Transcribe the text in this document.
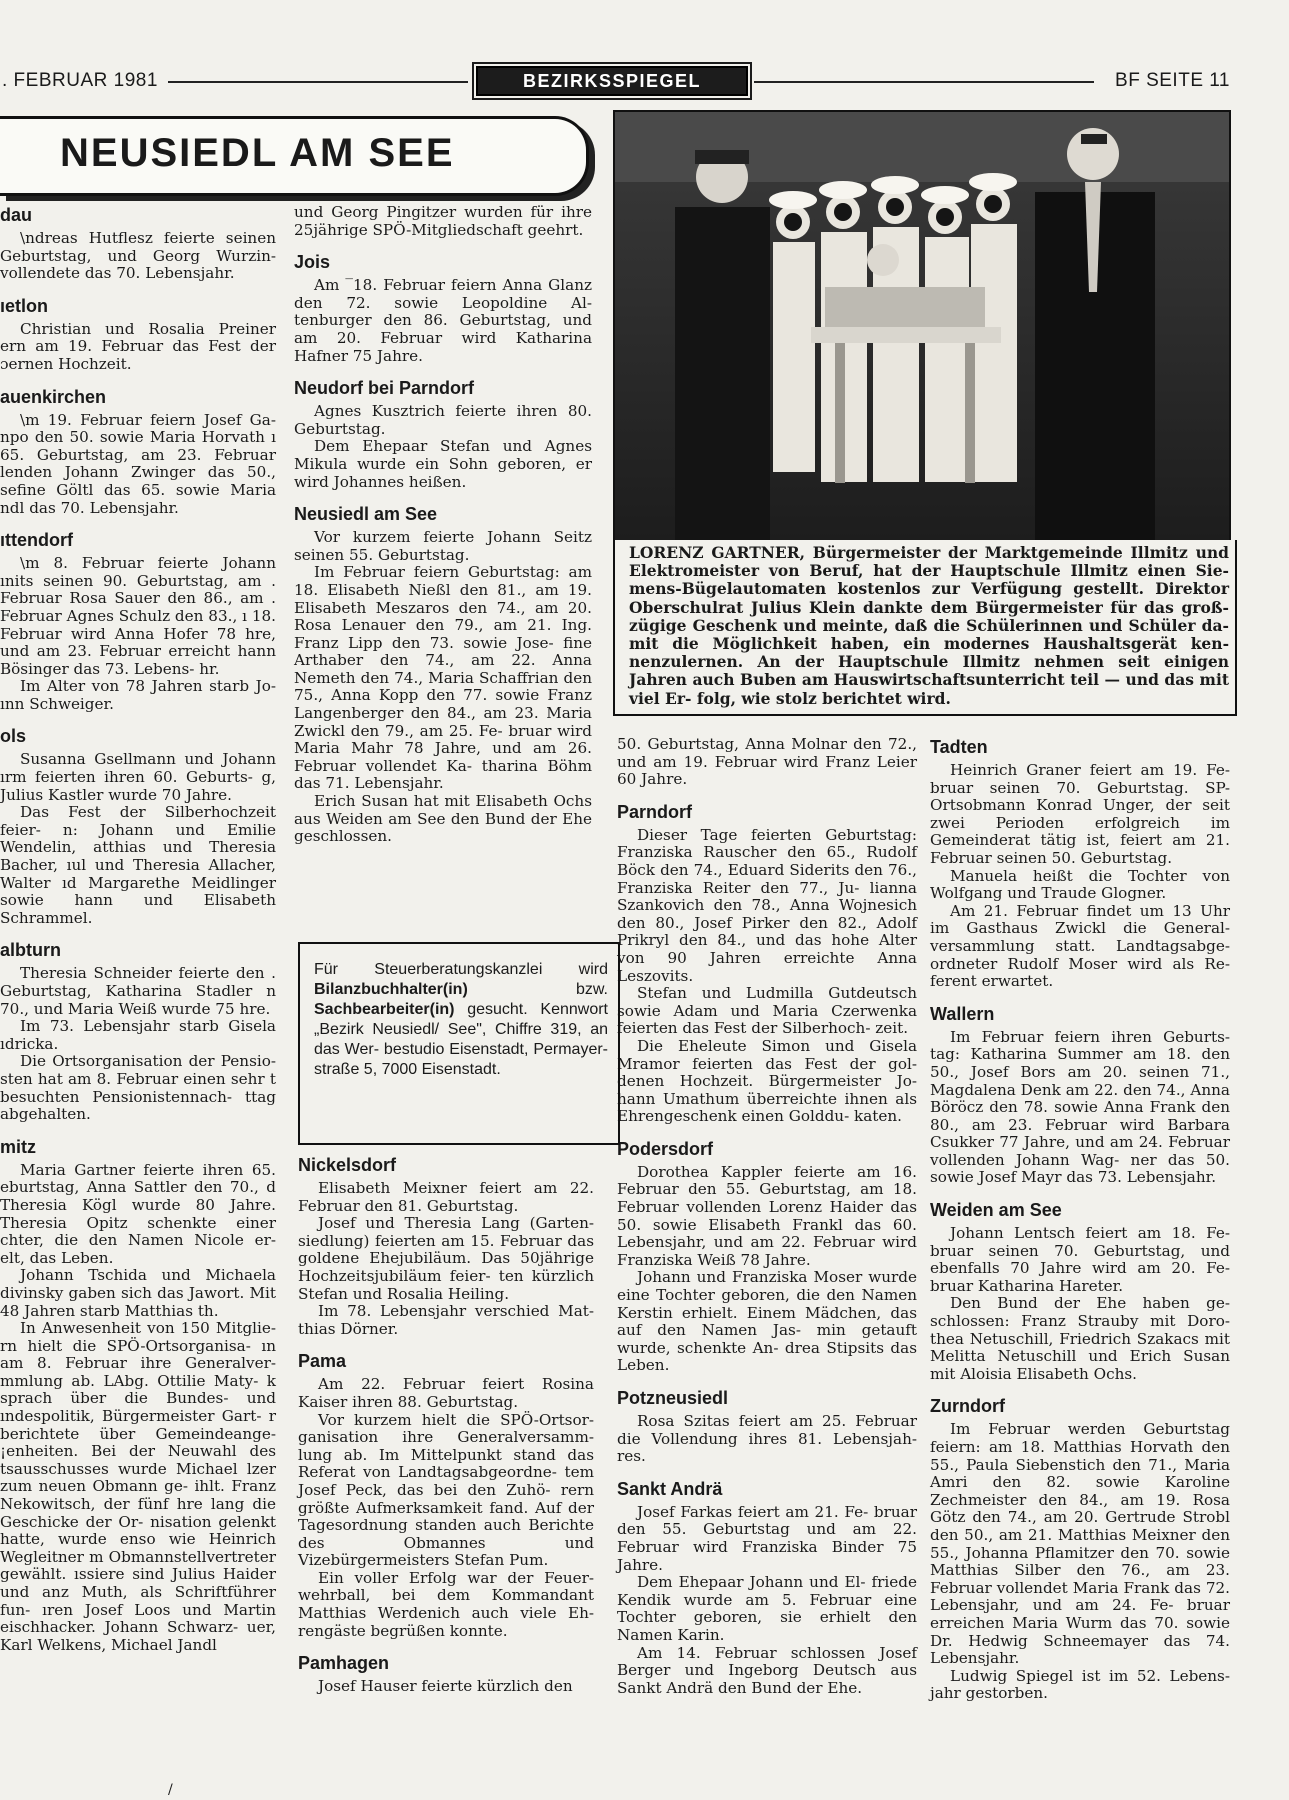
. FEBRUAR 1981	BEZIRKSSPIEGEL	BF SEITE 11
NEUSIEDL AM SEE
dau

\ndreas Hutflesz feierte seinen Geburtstag, und Georg Wurzin- vollendete das 70. Lebensjahr.

ıetlon

Christian und Rosalia Preiner ern am 19. Februar das Fest der ɔernen Hochzeit.

auenkirchen

\m 19. Februar feiern Josef Ga- npo den 50. sowie Maria Horvath ı 65. Geburtstag, am 23. Februar lenden Johann Zwinger das 50., sefine Göltl das 65. sowie Maria ndl das 70. Lebensjahr.

ıttendorf

\m 8. Februar feierte Johann ınits seinen 90. Geburtstag, am . Februar Rosa Sauer den 86., am . Februar Agnes Schulz den 83., ı 18. Februar wird Anna Hofer 78 hre, und am 23. Februar erreicht hann Bösinger das 73. Lebens- hr.

Im Alter von 78 Jahren starb Jo- ınn Schweiger.

ols

Susanna Gsellmann und Johann ırm feierten ihren 60. Geburts- g, Julius Kastler wurde 70 Jahre.

Das Fest der Silberhochzeit feier- n: Johann und Emilie Wendelin, atthias und Theresia Bacher, ıul und Theresia Allacher, Walter ıd Margarethe Meidlinger sowie hann und Elisabeth Schrammel.

albturn

Theresia Schneider feierte den . Geburtstag, Katharina Stadler n 70., und Maria Weiß wurde 75 hre.

Im 73. Lebensjahr starb Gisela ıdricka.

Die Ortsorganisation der Pensio- sten hat am 8. Februar einen sehr t besuchten Pensionistennach- ttag abgehalten.

mitz

Maria Gartner feierte ihren 65. eburtstag, Anna Sattler den 70., d Theresia Kögl wurde 80 Jahre. Theresia Opitz schenkte einer chter, die den Namen Nicole er- elt, das Leben.

Johann Tschida und Michaela divinsky gaben sich das Jawort. Mit 48 Jahren starb Matthias th.

In Anwesenheit von 150 Mitglie- rn hielt die SPÖ-Ortsorganisa- ın am 8. Februar ihre Generalver- mmlung ab. LAbg. Ottilie Maty- k sprach über die Bundes- und ındespolitik, Bürgermeister Gart- r berichtete über Gemeindeange- ¡enheiten. Bei der Neuwahl des tsausschusses wurde Michael lzer zum neuen Obmann ge- ihlt. Franz Nekowitsch, der fünf hre lang die Geschicke der Or- nisation gelenkt hatte, wurde enso wie Heinrich Wegleitner m Obmannstellvertreter gewählt. ıssiere sind Julius Haider und anz Muth, als Schriftführer fun- ıren Josef Loos und Martin eischhacker. Johann Schwarz- uer, Karl Welkens, Michael Jandl

und Georg Pingitzer wurden für ihre 25jährige SPÖ-Mitgliedschaft geehrt.

Jois

Am ‾18. Februar feiern Anna Glanz den 72. sowie Leopoldine Al- tenburger den 86. Geburtstag, und am 20. Februar wird Katharina Hafner 75 Jahre.

Neudorf bei Parndorf

Agnes Kusztrich feierte ihren 80. Geburtstag.

Dem Ehepaar Stefan und Agnes Mikula wurde ein Sohn geboren, er wird Johannes heißen.

Neusiedl am See

Vor kurzem feierte Johann Seitz seinen 55. Geburtstag.

Im Februar feiern Geburtstag: am 18. Elisabeth Nießl den 81., am 19. Elisabeth Meszaros den 74., am 20. Rosa Lenauer den 79., am 21. Ing. Franz Lipp den 73. sowie Jose- fine Arthaber den 74., am 22. Anna Nemeth den 74., Maria Schaffrian den 75., Anna Kopp den 77. sowie Franz Langenberger den 84., am 23. Maria Zwickl den 79., am 25. Fe- bruar wird Maria Mahr 78 Jahre, und am 26. Februar vollendet Ka- tharina Böhm das 71. Lebensjahr.

Erich Susan hat mit Elisabeth Ochs aus Weiden am See den Bund der Ehe geschlossen.

Nickelsdorf

Elisabeth Meixner feiert am 22. Februar den 81. Geburtstag.

Josef und Theresia Lang (Garten- siedlung) feierten am 15. Februar das goldene Ehejubiläum. Das 50jährige Hochzeitsjubiläum feier- ten kürzlich Stefan und Rosalia Heiling.

Im 78. Lebensjahr verschied Mat- thias Dörner.

Pama

Am 22. Februar feiert Rosina Kaiser ihren 88. Geburtstag.

Vor kurzem hielt die SPÖ-Ortsor- ganisation ihre Generalversamm- lung ab. Im Mittelpunkt stand das Referat von Landtagsabgeordne- tem Josef Peck, das bei den Zuhö- rern größte Aufmerksamkeit fand. Auf der Tagesordnung standen auch Berichte des Obmannes und Vizebürgermeisters Stefan Pum.

Ein voller Erfolg war der Feuer- wehrball, bei dem Kommandant Matthias Werdenich auch viele Eh- rengäste begrüßen konnte.

Pamhagen

Josef Hauser feierte kürzlich den

50. Geburtstag, Anna Molnar den 72., und am 19. Februar wird Franz Leier 60 Jahre.

Parndorf

Dieser Tage feierten Geburtstag: Franziska Rauscher den 65., Rudolf Böck den 74., Eduard Siderits den 76., Franziska Reiter den 77., Ju- lianna Szankovich den 78., Anna Wojnesich den 80., Josef Pirker den 82., Adolf Prikryl den 84., und das hohe Alter von 90 Jahren erreichte Anna Leszovits.

Stefan und Ludmilla Gutdeutsch sowie Adam und Maria Czerwenka feierten das Fest der Silberhoch- zeit.

Die Eheleute Simon und Gisela Mramor feierten das Fest der gol- denen Hochzeit. Bürgermeister Jo- hann Umathum überreichte ihnen als Ehrengeschenk einen Golddu- katen.

Podersdorf

Dorothea Kappler feierte am 16. Februar den 55. Geburtstag, am 18. Februar vollenden Lorenz Haider das 50. sowie Elisabeth Frankl das 60. Lebensjahr, und am 22. Februar wird Franziska Weiß 78 Jahre.

Johann und Franziska Moser wurde eine Tochter geboren, die den Namen Kerstin erhielt. Einem Mädchen, das auf den Namen Jas- min getauft wurde, schenkte An- drea Stipsits das Leben.

Potzneusiedl

Rosa Szitas feiert am 25. Februar die Vollendung ihres 81. Lebensjah- res.

Sankt Andrä

Josef Farkas feiert am 21. Fe- bruar den 55. Geburtstag und am 22. Februar wird Franziska Binder 75 Jahre.

Dem Ehepaar Johann und El- friede Kendik wurde am 5. Februar eine Tochter geboren, sie erhielt den Namen Karin.

Am 14. Februar schlossen Josef Berger und Ingeborg Deutsch aus Sankt Andrä den Bund der Ehe.

Tadten

Heinrich Graner feiert am 19. Fe- bruar seinen 70. Geburtstag. SP- Ortsobmann Konrad Unger, der seit zwei Perioden erfolgreich im Gemeinderat tätig ist, feiert am 21. Februar seinen 50. Geburtstag.

Manuela heißt die Tochter von Wolfgang und Traude Glogner.

Am 21. Februar findet um 13 Uhr im Gasthaus Zwickl die General- versammlung statt. Landtagsabge- ordneter Rudolf Moser wird als Re- ferent erwartet.

Wallern

Im Februar feiern ihren Geburts- tag: Katharina Summer am 18. den 50., Josef Bors am 20. seinen 71., Magdalena Denk am 22. den 74., Anna Böröcz den 78. sowie Anna Frank den 80., am 23. Februar wird Barbara Csukker 77 Jahre, und am 24. Februar vollenden Johann Wag- ner das 50. sowie Josef Mayr das 73. Lebensjahr.

Weiden am See

Johann Lentsch feiert am 18. Fe- bruar seinen 70. Geburtstag, und ebenfalls 70 Jahre wird am 20. Fe- bruar Katharina Hareter.

Den Bund der Ehe haben ge- schlossen: Franz Strauby mit Doro- thea Netuschill, Friedrich Szakacs mit Melitta Netuschill und Erich Susan mit Aloisia Elisabeth Ochs.

Zurndorf

Im Februar werden Geburtstag feiern: am 18. Matthias Horvath den 55., Paula Siebenstich den 71., Maria Amri den 82. sowie Karoline Zechmeister den 84., am 19. Rosa Götz den 74., am 20. Gertrude Strobl den 50., am 21. Matthias Meixner den 55., Johanna Pflamitzer den 70. sowie Matthias Silber den 76., am 23. Februar vollendet Maria Frank das 72. Lebensjahr, und am 24. Fe- bruar erreichen Maria Wurm das 70. sowie Dr. Hedwig Schneemayer das 74. Lebensjahr.

Ludwig Spiegel ist im 52. Lebens- jahr gestorben.

LORENZ GARTNER, Bürgermeister der Marktgemeinde Illmitz und Elektromeister von Beruf, hat der Hauptschule Illmitz einen Sie- mens-Bügelautomaten kostenlos zur Verfügung gestellt. Direktor Oberschulrat Julius Klein dankte dem Bürgermeister für das groß- zügige Geschenk und meinte, daß die Schülerinnen und Schüler da- mit die Möglichkeit haben, ein modernes Haushaltsgerät ken- nenzulernen. An der Hauptschule Illmitz nehmen seit einigen Jahren auch Buben am Hauswirtschaftsunterricht teil — und das mit viel Er- folg, wie stolz berichtet wird.
Für Steuerberatungskanzlei wird Bilanzbuchhalter(in) bzw. Sachbearbeiter(in) gesucht. Kennwort „Bezirk Neusiedl/ See", Chiffre 319, an das Wer- bestudio Eisenstadt, Permayer- straße 5, 7000 Eisenstadt.
/
